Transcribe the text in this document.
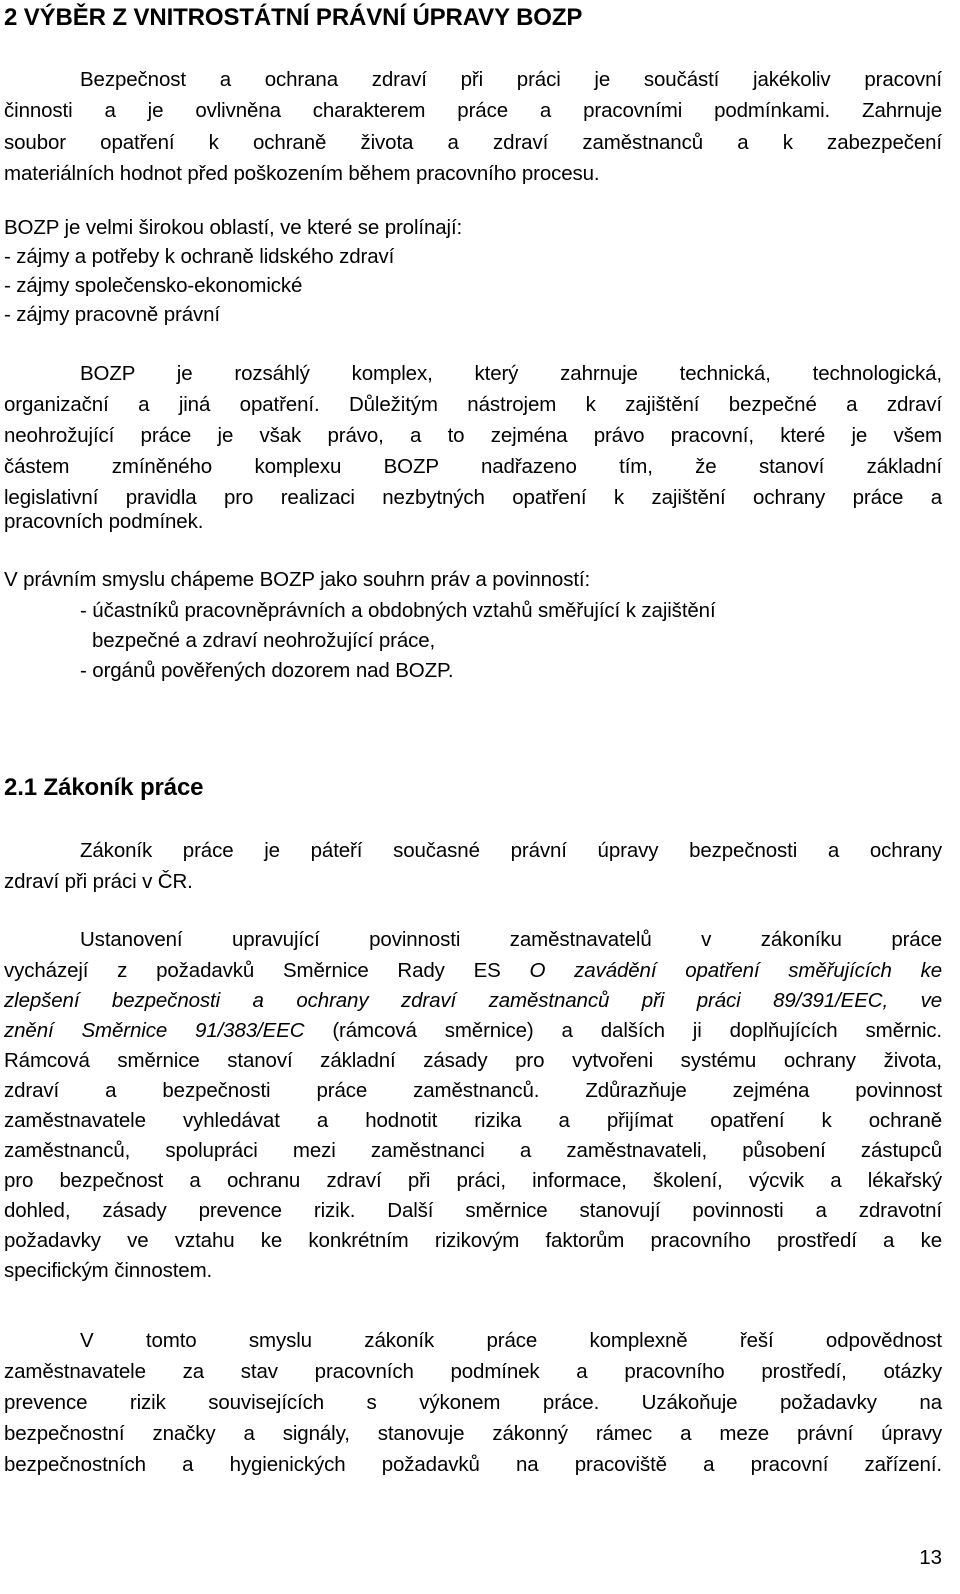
2 VÝBĚR Z VNITROSTÁTNÍ PRÁVNÍ ÚPRAVY BOZP
Bezpečnost a ochrana zdraví při práci je součástí jakékoliv pracovní
činnosti a je ovlivněna charakterem práce a pracovními podmínkami. Zahrnuje
soubor opatření k ochraně života a zdraví zaměstnanců a k zabezpečení
materiálních hodnot před poškozením během pracovního procesu.
BOZP je velmi širokou oblastí, ve které se prolínají:
- zájmy a potřeby k ochraně lidského zdraví
- zájmy společensko-ekonomické
- zájmy pracovně právní
BOZP je rozsáhlý komplex, který zahrnuje technická, technologická,
organizační a jiná opatření. Důležitým nástrojem k zajištění bezpečné a zdraví
neohrožující práce je však právo, a to zejména právo pracovní, které je všem
částem zmíněného komplexu BOZP nadřazeno tím, že stanoví základní
legislativní pravidla pro realizaci nezbytných opatření k zajištění ochrany práce a
pracovních podmínek.
V právním smyslu chápeme BOZP jako souhrn práv a povinností:
- účastníků pracovněprávních a obdobných vztahů směřující k zajištění
bezpečné a zdraví neohrožující práce,
- orgánů pověřených dozorem nad BOZP.
2.1 Zákoník práce
Zákoník práce je páteří současné právní úpravy bezpečnosti a ochrany
zdraví při práci v ČR.
Ustanovení upravující povinnosti zaměstnavatelů v zákoníku práce
vycházejí z požadavků Směrnice Rady ES O zavádění opatření směřujících ke
zlepšení bezpečnosti a ochrany zdraví zaměstnanců při práci 89/391/EEC, ve
znění Směrnice 91/383/EEC (rámcová směrnice) a dalších ji doplňujících směrnic.
Rámcová směrnice stanoví základní zásady pro vytvořeni systému ochrany života,
zdraví a bezpečnosti práce zaměstnanců. Zdůrazňuje zejména povinnost
zaměstnavatele vyhledávat a hodnotit rizika a přijímat opatření k ochraně
zaměstnanců, spolupráci mezi zaměstnanci a zaměstnavateli, působení zástupců
pro bezpečnost a ochranu zdraví při práci, informace, školení, výcvik a lékařský
dohled, zásady prevence rizik. Další směrnice stanovují povinnosti a zdravotní
požadavky ve vztahu ke konkrétním rizikovým faktorům pracovního prostředí a ke
specifickým činnostem.
V tomto smyslu zákoník práce komplexně řeší odpovědnost
zaměstnavatele za stav pracovních podmínek a pracovního prostředí, otázky
prevence rizik souvisejících s výkonem práce. Uzákoňuje požadavky na
bezpečnostní značky a signály, stanovuje zákonný rámec a meze právní úpravy
bezpečnostních a hygienických požadavků na pracoviště a pracovní zařízení.
13
